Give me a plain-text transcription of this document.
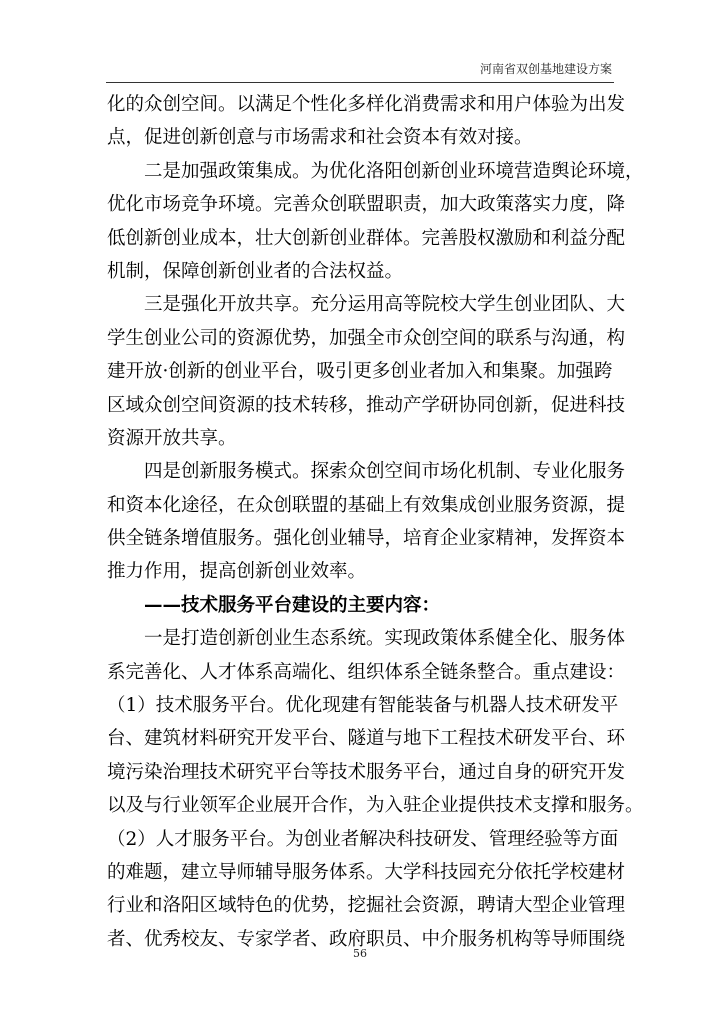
河南省双创基地建设方案
化的众创空间。以满足个性化多样化消费需求和用户体验为出发
点，促进创新创意与市场需求和社会资本有效对接。
　　二是加强政策集成。为优化洛阳创新创业环境营造舆论环境，
优化市场竞争环境。完善众创联盟职责，加大政策落实力度，降
低创新创业成本，壮大创新创业群体。完善股权激励和利益分配
机制，保障创新创业者的合法权益。
　　三是强化开放共享。充分运用高等院校大学生创业团队、大
学生创业公司的资源优势，加强全市众创空间的联系与沟通，构
建开放·创新的创业平台，吸引更多创业者加入和集聚。加强跨
区域众创空间资源的技术转移，推动产学研协同创新，促进科技
资源开放共享。
　　四是创新服务模式。探索众创空间市场化机制、专业化服务
和资本化途径，在众创联盟的基础上有效集成创业服务资源，提
供全链条增值服务。强化创业辅导，培育企业家精神，发挥资本
推力作用，提高创新创业效率。
　　——技术服务平台建设的主要内容：
　　一是打造创新创业生态系统。实现政策体系健全化、服务体
系完善化、人才体系高端化、组织体系全链条整合。重点建设：
（1）技术服务平台。优化现建有智能装备与机器人技术研发平
台、建筑材料研究开发平台、隧道与地下工程技术研发平台、环
境污染治理技术研究平台等技术服务平台，通过自身的研究开发
以及与行业领军企业展开合作，为入驻企业提供技术支撑和服务。
（2）人才服务平台。为创业者解决科技研发、管理经验等方面
的难题，建立导师辅导服务体系。大学科技园充分依托学校建材
行业和洛阳区域特色的优势，挖掘社会资源，聘请大型企业管理
者、优秀校友、专家学者、政府职员、中介服务机构等导师围绕
56
